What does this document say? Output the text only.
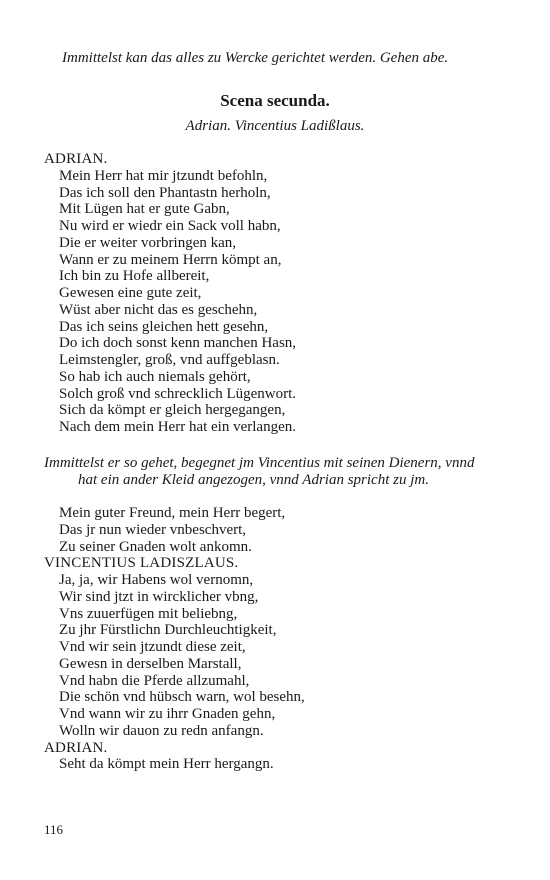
Immittelst kan das alles zu Wercke gerichtet werden. Gehen abe.
Scena secunda.
Adrian. Vincentius Ladißlaus.
ADRIAN.
Mein Herr hat mir jtzundt befohln,
Das ich soll den Phantastn herholn,
Mit Lügen hat er gute Gabn,
Nu wird er wiedr ein Sack voll habn,
Die er weiter vorbringen kan,
Wann er zu meinem Herrn kömpt an,
Ich bin zu Hofe allbereit,
Gewesen eine gute zeit,
Wüst aber nicht das es geschehn,
Das ich seins gleichen hett gesehn,
Do ich doch sonst kenn manchen Hasn,
Leimstengler, groß, vnd auffgeblasn.
So hab ich auch niemals gehört,
Solch groß vnd schrecklich Lügenwort.
Sich da kömpt er gleich hergegangen,
Nach dem mein Herr hat ein verlangen.
Immittelst er so gehet, begegnet jm Vincentius mit seinen Dienern, vnnd
hat ein ander Kleid angezogen, vnnd Adrian spricht zu jm.
Mein guter Freund, mein Herr begert,
Das jr nun wieder vnbeschvert,
Zu seiner Gnaden wolt ankomn.
VINCENTIUS LADISZLAUS.
Ja, ja, wir Habens wol vernomn,
Wir sind jtzt in wircklicher vbng,
Vns zuuerfügen mit beliebng,
Zu jhr Fürstlichn Durchleuchtigkeit,
Vnd wir sein jtzundt diese zeit,
Gewesn in derselben Marstall,
Vnd habn die Pferde allzumahl,
Die schön vnd hübsch warn, wol besehn,
Vnd wann wir zu ihrr Gnaden gehn,
Wolln wir dauon zu redn anfangn.
ADRIAN.
Seht da kömpt mein Herr hergangn.
116
